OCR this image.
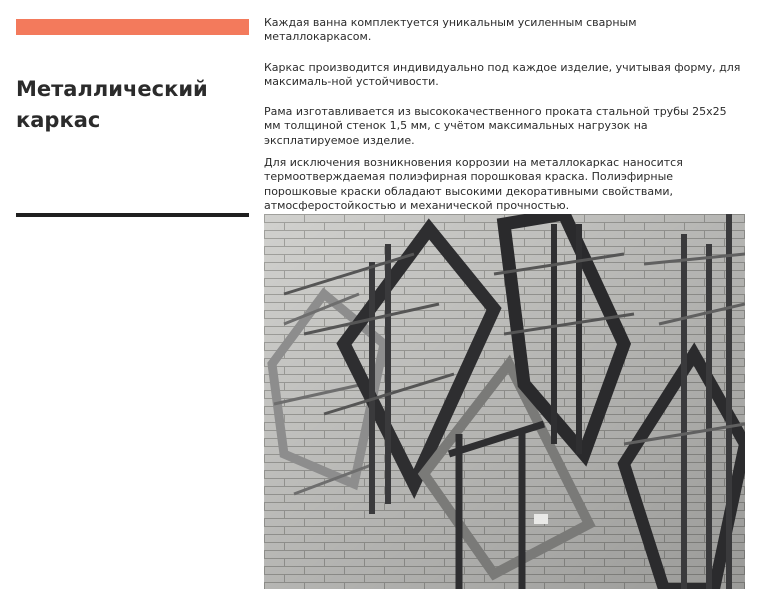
Металлический каркас

Каждая ванна комплектуется уникальным усиленным сварным металлокаркасом.

Каркас производится индивидуально под каждое изделие, учитывая форму, для максималь-ной устойчивости.

Рама изготавливается из высококачественного проката стальной трубы 25х25 мм толщиной стенок 1,5 мм, с учётом максимальных нагрузок на эксплатируемое изделие.

Для исключения возникновения коррозии на металлокаркас наносится термоотверждаемая полиэфирная порошковая краска. Полиэфирные порошковые краски обладают высокими декоративными свойствами, атмосферостойкостью и механической прочностью.
